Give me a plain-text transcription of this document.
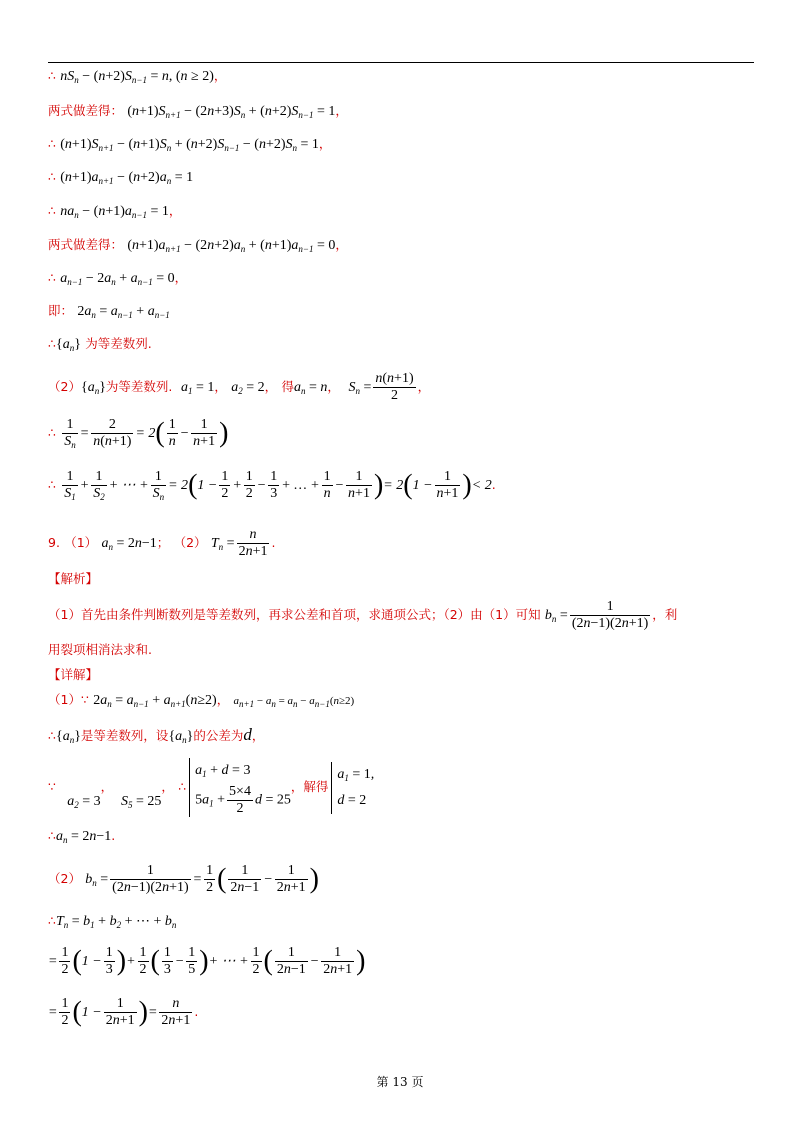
∴ $nS_n - (n+2)S_{n-1} = n$, (n ≥ 2)，
两式做差得： $(n+1)S_{n+1} - (2n+3)S_n + (n+2)S_{n-1} = 1$，
∴ $(n+1)S_{n+1} - (n+1)S_n + (n+2)S_{n-1} - (n+2)S_n = 1$，
∴ $(n+1)a_{n+1} - (n+2)a_n = 1$
∴ $na_n - (n+1)a_{n-1} = 1$，
两式做差得： $(n+1)a_{n+1} - (2n+2)a_n + (n+1)a_{n-1} = 0$，
∴ $a_{n-1} - 2a_n + a_{n-1} = 0$，
即： $2a_n = a_{n-1} + a_{n-1}$
$\therefore\{a_n\}$ 为等差数列.
$(2)\{a_n\}$为等差数列. $a_1 = 1$， $a_2 = 2$， 得$a_n = n$， $S_n = \frac{n(n+1)}{2}$ ，
∴ $\frac{1}{S_n} = \frac{2}{n(n+1)} = 2( \frac{1}{n} - \frac{1}{n+1}$ )
∴ $\frac{1}{S_1} + \frac{1}{S_2}$ + ⋯ + $\frac{1}{S_n} = 2(1 - \frac{1}{2} + \frac{1}{2} - \frac{1}{3}$ + … + $\frac{1}{n} - \frac{1}{n+1}$ )= $2(1 - \frac{1}{n+1}$ )< 2.
9. （1） $a_n = 2n-1$； （2） $T_n = \frac{n}{2n+1}$ .
【解析】
（1）首先由条件判断数列是等差数列，再求公差和首项，求通项公式；（2）由（1）可知 $b_n = \frac{1}{(2n-1)(2n+1)}$ ，利
用裂项相消法求和.
【详解】
（1）∵ $2a_n = a_{n-1} + a_{n+1}(n\ge 2)$， $a_{n+1} - a_n = a_n - a_{n-1}(n\ge 2)$
$\therefore\{a_n\}$是等差数列，设$\{a_n\}$的公差为d，
∵   $a_2 = 3$，  $S_5 = 25$， ∴
$a_1 + d = 3$
$5a_1 + \frac{5\times 4}{2}$ d = 25
，解得
$a_1 = 1$,
d = 2
$\therefore a_n = 2n-1$.
（2） $b_n = \frac{1}{(2n-1)(2n+1)} = \frac{1}{2}$ ( $\frac{1}{2n-1} - \frac{1}{2n+1}$ )
$\therefore T_n = b_1 + b_2$ + ⋯ + $b_n$
= $\frac{1}{2} (1 - \frac{1}{3}$ )+ $\frac{1}{2}$ ( $\frac{1}{3} - \frac{1}{5}$ )+ ⋯ + $\frac{1}{2}$ ( $\frac{1}{2n-1} - \frac{1}{2n+1}$ )
= $\frac{1}{2} (1 - \frac{1}{2n+1}$ )= $\frac{n}{2n+1}$ .
第 13 页
